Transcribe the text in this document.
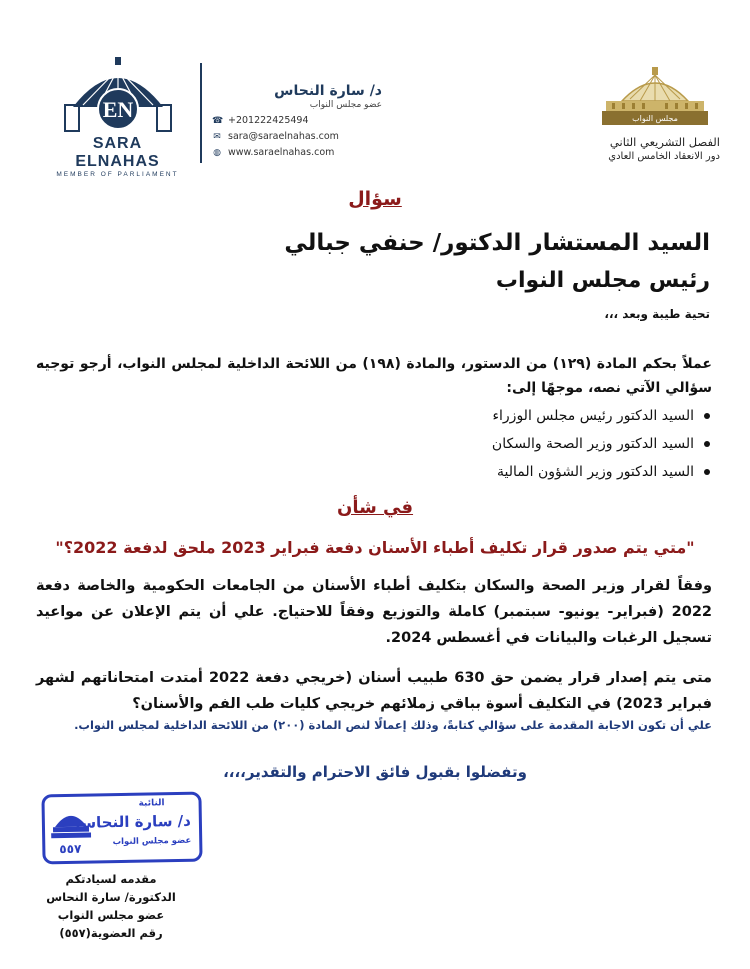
EN
SARA ELNAHAS
MEMBER OF PARLIAMENT
د/ سارة النحاس
عضو مجلس النواب
☎ +201222425494
✉ sara@saraelnahas.com
◍ www.saraelnahas.com
مجلس النواب
الفصل التشريعي الثاني
دور الانعقاد الخامس العادي
سؤال
السيد المستشار الدكتور/ حنفي جبالي
رئيس مجلس النواب
تحية طيبة وبعد ،،،
عملاً بحكم المادة (١٢٩) من الدستور، والمادة (١٩٨) من اللائحة الداخلية لمجلس النواب، أرجو توجيه سؤالي الآتي نصه، موجهًا إلى:
السيد الدكتور رئيس مجلس الوزراء
السيد الدكتور وزير الصحة والسكان
السيد الدكتور وزير الشؤون المالية
في شأن
"متي يتم صدور قرار تكليف أطباء الأسنان دفعة فبراير 2023 ملحق لدفعة 2022؟"
وفقاً لقرار وزير الصحة والسكان بتكليف أطباء الأسنان من الجامعات الحكومية والخاصة دفعة 2022 (فبراير- يونيو- سبتمبر) كاملة والتوزيع وفقاً للاحتياج. علي أن يتم الإعلان عن مواعيد تسجيل الرغبات والبيانات في أغسطس 2024.
متى يتم إصدار قرار يضمن حق 630 طبيب أسنان (خريجي دفعة 2022 أمتدت امتحاناتهم لشهر فبراير 2023) في التكليف أسوة بباقي زملائهم خريجي كليات طب الفم والأسنان؟
علي أن تكون الاجابة المقدمة على سؤالي كتابةً، وذلك إعمالًا لنص المادة (٢٠٠) من اللائحة الداخلية لمجلس النواب.
وتفضلوا بقبول فائق الاحترام والتقدير،،،،
النائبة
د/ سارة النحاس
عضو مجلس النواب
٥٥٧
مقدمه لسيادتكم
الدكتورة/ سارة النحاس
عضو مجلس النواب
رقم العضوية(٥٥٧)
